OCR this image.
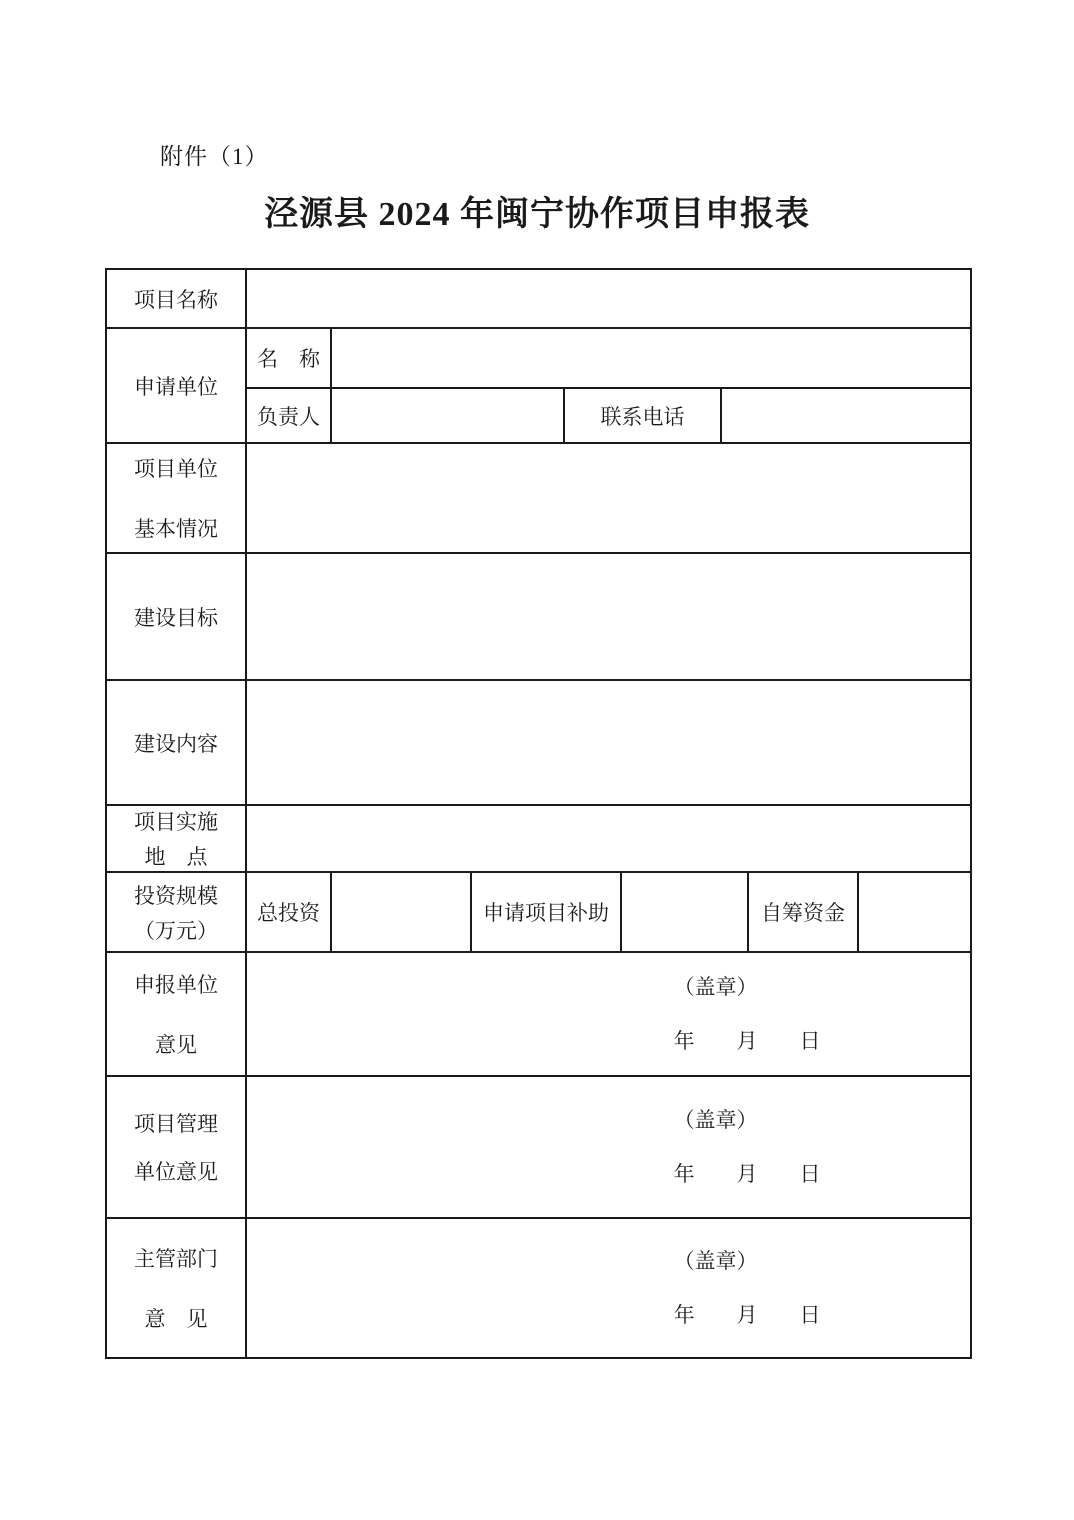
附件（1）
泾源县 2024 年闽宁协作项目申报表
项目名称								
申请单位	名　称							
	负责人			联系电话				

项目单位
基本情况								

建设目标								
建设内容								

项目实施
地　点								

投资规模
（万元）	总投资		申请项目补助				自筹资金	

申报单位
意见	（盖章）
年　　月　　日							

项目管理
单位意见	（盖章）
年　　月　　日							

主管部门
意　见	（盖章）
年　　月　　日							
